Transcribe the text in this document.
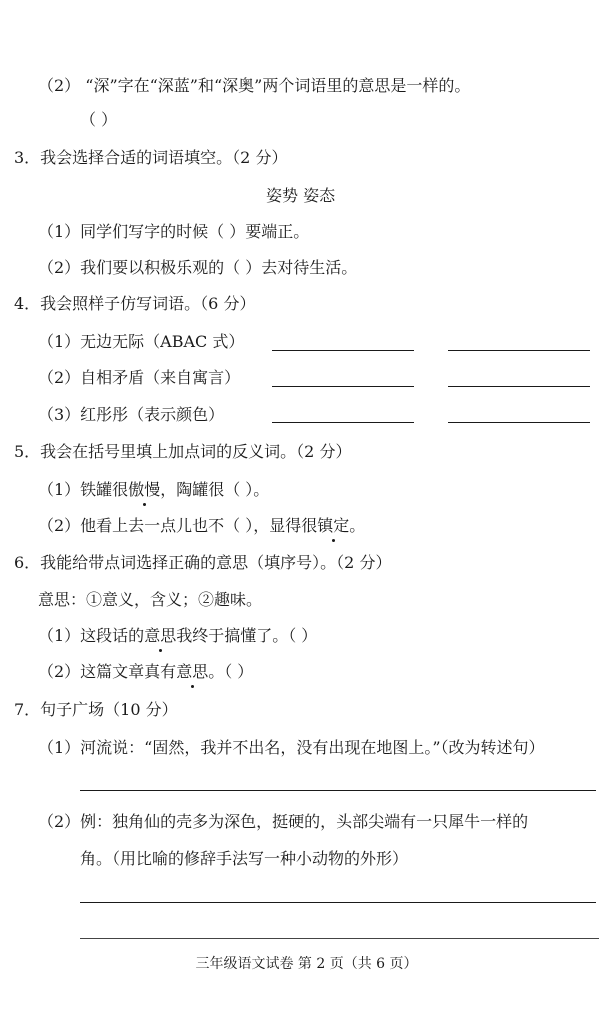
（2） “深”字在“深蓝”和“深奥”两个词语里的意思是一样的。
（ ）
3．我会选择合适的词语填空。（2 分）
姿势 姿态
（1）同学们写字的时候（ ）要端正。
（2）我们要以积极乐观的（ ）去对待生活。
4．我会照样子仿写词语。（6 分）
（1）无边无际（ABAC 式）
（2）自相矛盾（来自寓言）
（3）红彤彤（表示颜色）
5．我会在括号里填上加点词的反义词。（2 分）
（1）铁罐很傲慢，陶罐很（ ）。
（2）他看上去一点儿也不（ ），显得很镇定。
6．我能给带点词选择正确的意思（填序号）。（2 分）
意思：①意义，含义；②趣味。
（1）这段话的意思我终于搞懂了。（ ）
（2）这篇文章真有意思。（ ）
7．句子广场（10 分）
（1）河流说：“固然，我并不出名，没有出现在地图上。”（改为转述句）
（2）例：独角仙的壳多为深色，挺硬的，头部尖端有一只犀牛一样的
角。（用比喻的修辞手法写一种小动物的外形）
三年级语文试卷 第 2 页（共 6 页）
